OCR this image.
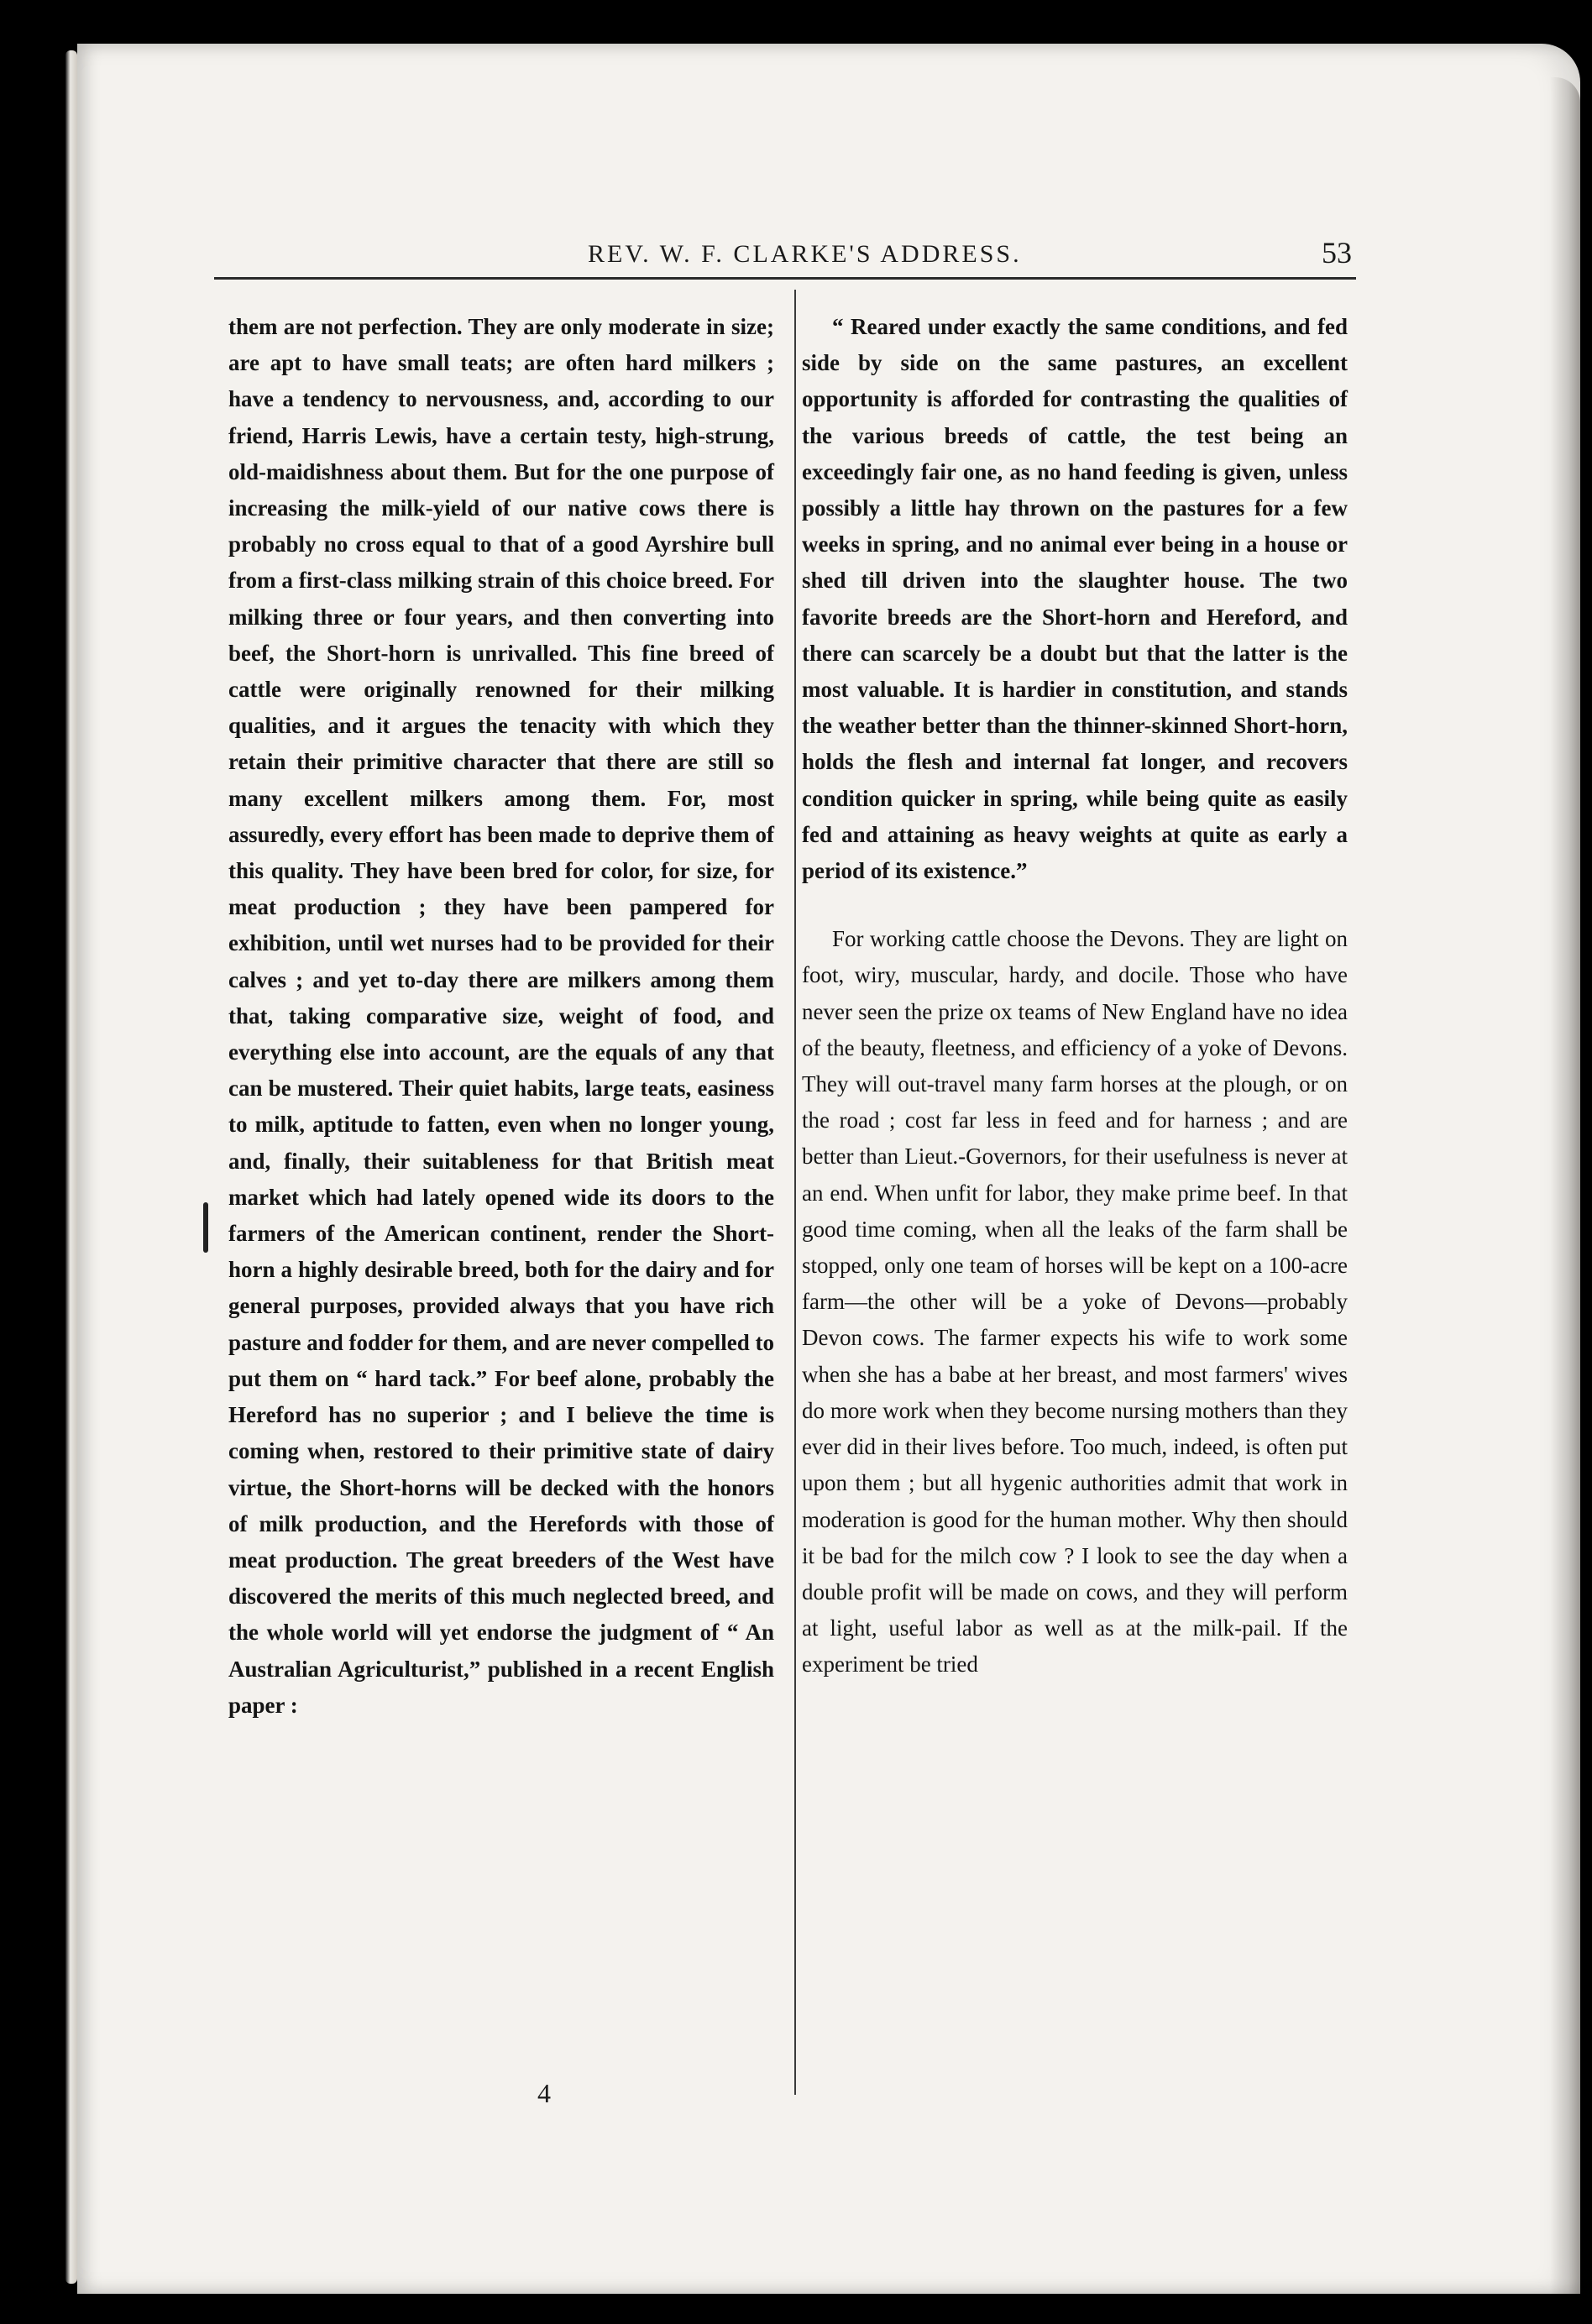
REV. W. F. CLARKE'S ADDRESS.	53

them are not perfection. They are only moderate in size; are apt to have small teats; are often hard milkers ; have a tendency to nervousness, and, according to our friend, Harris Lewis, have a certain testy, high-strung, old-maidishness about them. But for the one purpose of increasing the milk-yield of our native cows there is probably no cross equal to that of a good Ayrshire bull from a first-class milking strain of this choice breed. For milking three or four years, and then converting into beef, the Short-horn is unrivalled. This fine breed of cattle were originally renowned for their milking qualities, and it argues the tenacity with which they retain their primitive character that there are still so many excellent milkers among them. For, most assuredly, every effort has been made to deprive them of this quality. They have been bred for color, for size, for meat production ; they have been pampered for exhibition, until wet nurses had to be provided for their calves ; and yet to-day there are milkers among them that, taking comparative size, weight of food, and everything else into account, are the equals of any that can be mustered. Their quiet habits, large teats, easiness to milk, aptitude to fatten, even when no longer young, and, finally, their suitableness for that British meat market which had lately opened wide its doors to the farmers of the American continent, render the Short-horn a highly desirable breed, both for the dairy and for general purposes, provided always that you have rich pasture and fodder for them, and are never compelled to put them on “ hard tack.” For beef alone, probably the Hereford has no superior ; and I believe the time is coming when, restored to their primitive state of dairy virtue, the Short-horns will be decked with the honors of milk production, and the Herefords with those of meat production. The great breeders of the West have discovered the merits of this much neglected breed, and the whole world will yet endorse the judgment of “ An Australian Agriculturist,” published in a recent English paper :

“ Reared under exactly the same conditions, and fed side by side on the same pastures, an excellent opportunity is afforded for contrasting the qualities of the various breeds of cattle, the test being an exceedingly fair one, as no hand feeding is given, unless possibly a little hay thrown on the pastures for a few weeks in spring, and no animal ever being in a house or shed till driven into the slaughter house. The two favorite breeds are the Short-horn and Hereford, and there can scarcely be a doubt but that the latter is the most valuable. It is hardier in constitution, and stands the weather better than the thinner-skinned Short-horn, holds the flesh and internal fat longer, and recovers condition quicker in spring, while being quite as easily fed and attaining as heavy weights at quite as early a period of its existence.”

For working cattle choose the Devons. They are light on foot, wiry, muscular, hardy, and docile. Those who have never seen the prize ox teams of New England have no idea of the beauty, fleetness, and efficiency of a yoke of Devons. They will out-travel many farm horses at the plough, or on the road ; cost far less in feed and for harness ; and are better than Lieut.-Governors, for their usefulness is never at an end. When unfit for labor, they make prime beef. In that good time coming, when all the leaks of the farm shall be stopped, only one team of horses will be kept on a 100-acre farm—the other will be a yoke of Devons—probably Devon cows. The farmer expects his wife to work some when she has a babe at her breast, and most farmers' wives do more work when they become nursing mothers than they ever did in their lives before. Too much, indeed, is often put upon them ; but all hygenic authorities admit that work in moderation is good for the human mother. Why then should it be bad for the milch cow ? I look to see the day when a double profit will be made on cows, and they will perform at light, useful labor as well as at the milk-pail. If the experiment be tried

4
